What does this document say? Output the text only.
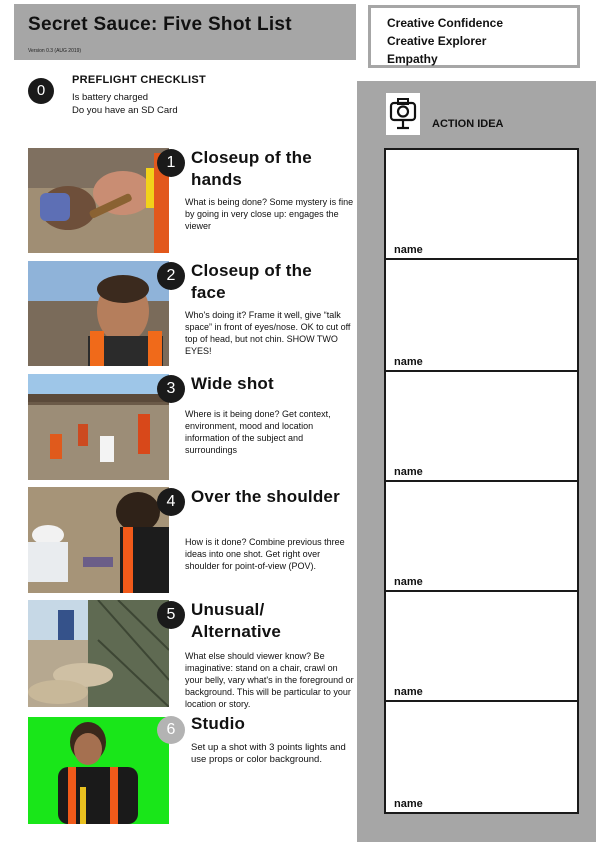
Secret Sauce: Five Shot List
Version 0.3 (AUG 2019)
Creative Confidence
Creative Explorer
Empathy
0
PREFLIGHT CHECKLIST
Is battery charged
Do you have an SD Card
ACTION IDEA
name
name
name
name
name
name
1 Closeup of the hands
What is being done? Some mystery is fine by going in very close up: engages the viewer
2 Closeup of the face
Who's doing it? Frame it well, give “talk space” in front of eyes/nose. OK to cut off top of head, but not chin. SHOW TWO EYES!
3 Wide shot
Where is it being done? Get context, environment, mood and location information of the subject and surroundings
4 Over the shoulder
How is it done? Combine previous three ideas into one shot. Get right over shoulder for point-of-view (POV).
5 Unusual/ Alternative
What else should viewer know? Be imaginative: stand on a chair, crawl on your belly, vary what's in the foreground or background. This will be particular to your location or story.
6 Studio
Set up a shot with 3 points lights and use props or color background.
